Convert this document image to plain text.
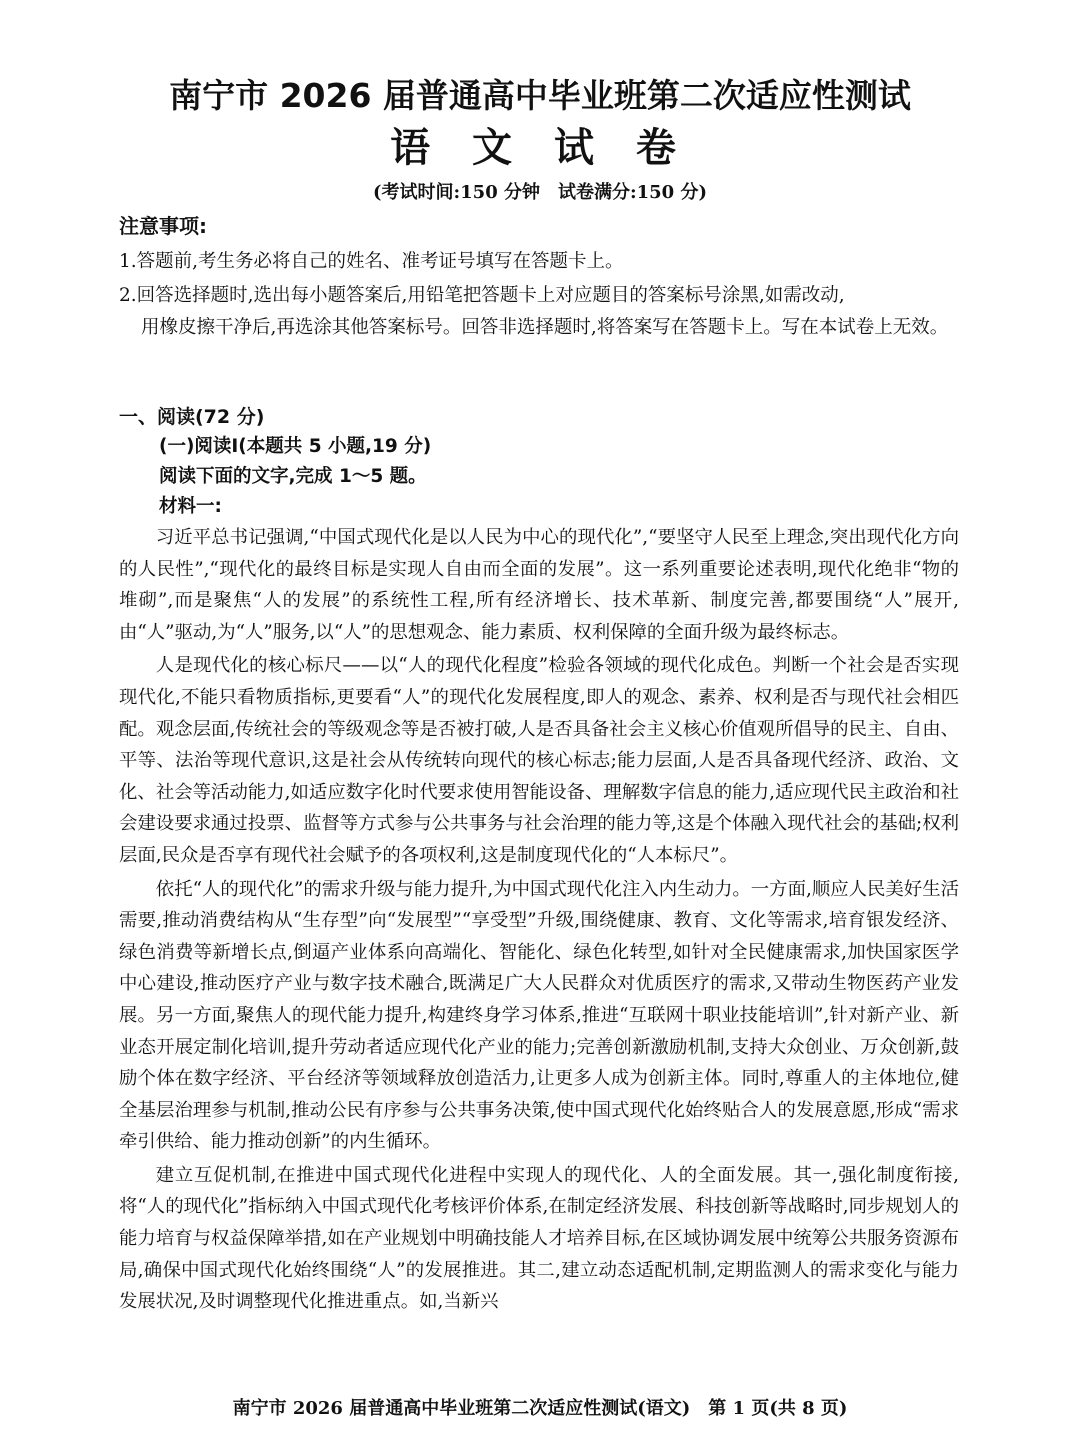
南宁市 2026 届普通高中毕业班第二次适应性测试
语 文 试 卷
(考试时间:150 分钟　试卷满分:150 分)
注意事项:
1.答题前,考生务必将自己的姓名、准考证号填写在答题卡上。
2.回答选择题时,选出每小题答案后,用铅笔把答题卡上对应题目的答案标号涂黑,如需改动,
用橡皮擦干净后,再选涂其他答案标号。回答非选择题时,将答案写在答题卡上。写在本试卷上无效。
一、阅读(72 分)
(一)阅读Ⅰ(本题共 5 小题,19 分)
阅读下面的文字,完成 1～5 题。
材料一:

习近平总书记强调,“中国式现代化是以人民为中心的现代化”,“要坚守人民至上理念,突出现代化方向的人民性”,“现代化的最终目标是实现人自由而全面的发展”。这一系列重要论述表明,现代化绝非“物的堆砌”,而是聚焦“人的发展”的系统性工程,所有经济增长、技术革新、制度完善,都要围绕“人”展开,由“人”驱动,为“人”服务,以“人”的思想观念、能力素质、权利保障的全面升级为最终标志。

人是现代化的核心标尺——以“人的现代化程度”检验各领域的现代化成色。判断一个社会是否实现现代化,不能只看物质指标,更要看“人”的现代化发展程度,即人的观念、素养、权利是否与现代社会相匹配。观念层面,传统社会的等级观念等是否被打破,人是否具备社会主义核心价值观所倡导的民主、自由、平等、法治等现代意识,这是社会从传统转向现代的核心标志;能力层面,人是否具备现代经济、政治、文化、社会等活动能力,如适应数字化时代要求使用智能设备、理解数字信息的能力,适应现代民主政治和社会建设要求通过投票、监督等方式参与公共事务与社会治理的能力等,这是个体融入现代社会的基础;权利层面,民众是否享有现代社会赋予的各项权利,这是制度现代化的“人本标尺”。

依托“人的现代化”的需求升级与能力提升,为中国式现代化注入内生动力。一方面,顺应人民美好生活需要,推动消费结构从“生存型”向“发展型”“享受型”升级,围绕健康、教育、文化等需求,培育银发经济、绿色消费等新增长点,倒逼产业体系向高端化、智能化、绿色化转型,如针对全民健康需求,加快国家医学中心建设,推动医疗产业与数字技术融合,既满足广大人民群众对优质医疗的需求,又带动生物医药产业发展。另一方面,聚焦人的现代能力提升,构建终身学习体系,推进“互联网十职业技能培训”,针对新产业、新业态开展定制化培训,提升劳动者适应现代化产业的能力;完善创新激励机制,支持大众创业、万众创新,鼓励个体在数字经济、平台经济等领域释放创造活力,让更多人成为创新主体。同时,尊重人的主体地位,健全基层治理参与机制,推动公民有序参与公共事务决策,使中国式现代化始终贴合人的发展意愿,形成“需求牵引供给、能力推动创新”的内生循环。

建立互促机制,在推进中国式现代化进程中实现人的现代化、人的全面发展。其一,强化制度衔接,将“人的现代化”指标纳入中国式现代化考核评价体系,在制定经济发展、科技创新等战略时,同步规划人的能力培育与权益保障举措,如在产业规划中明确技能人才培养目标,在区域协调发展中统筹公共服务资源布局,确保中国式现代化始终围绕“人”的发展推进。其二,建立动态适配机制,定期监测人的需求变化与能力发展状况,及时调整现代化推进重点。如,当新兴

南宁市 2026 届普通高中毕业班第二次适应性测试(语文)　第 1 页(共 8 页)
